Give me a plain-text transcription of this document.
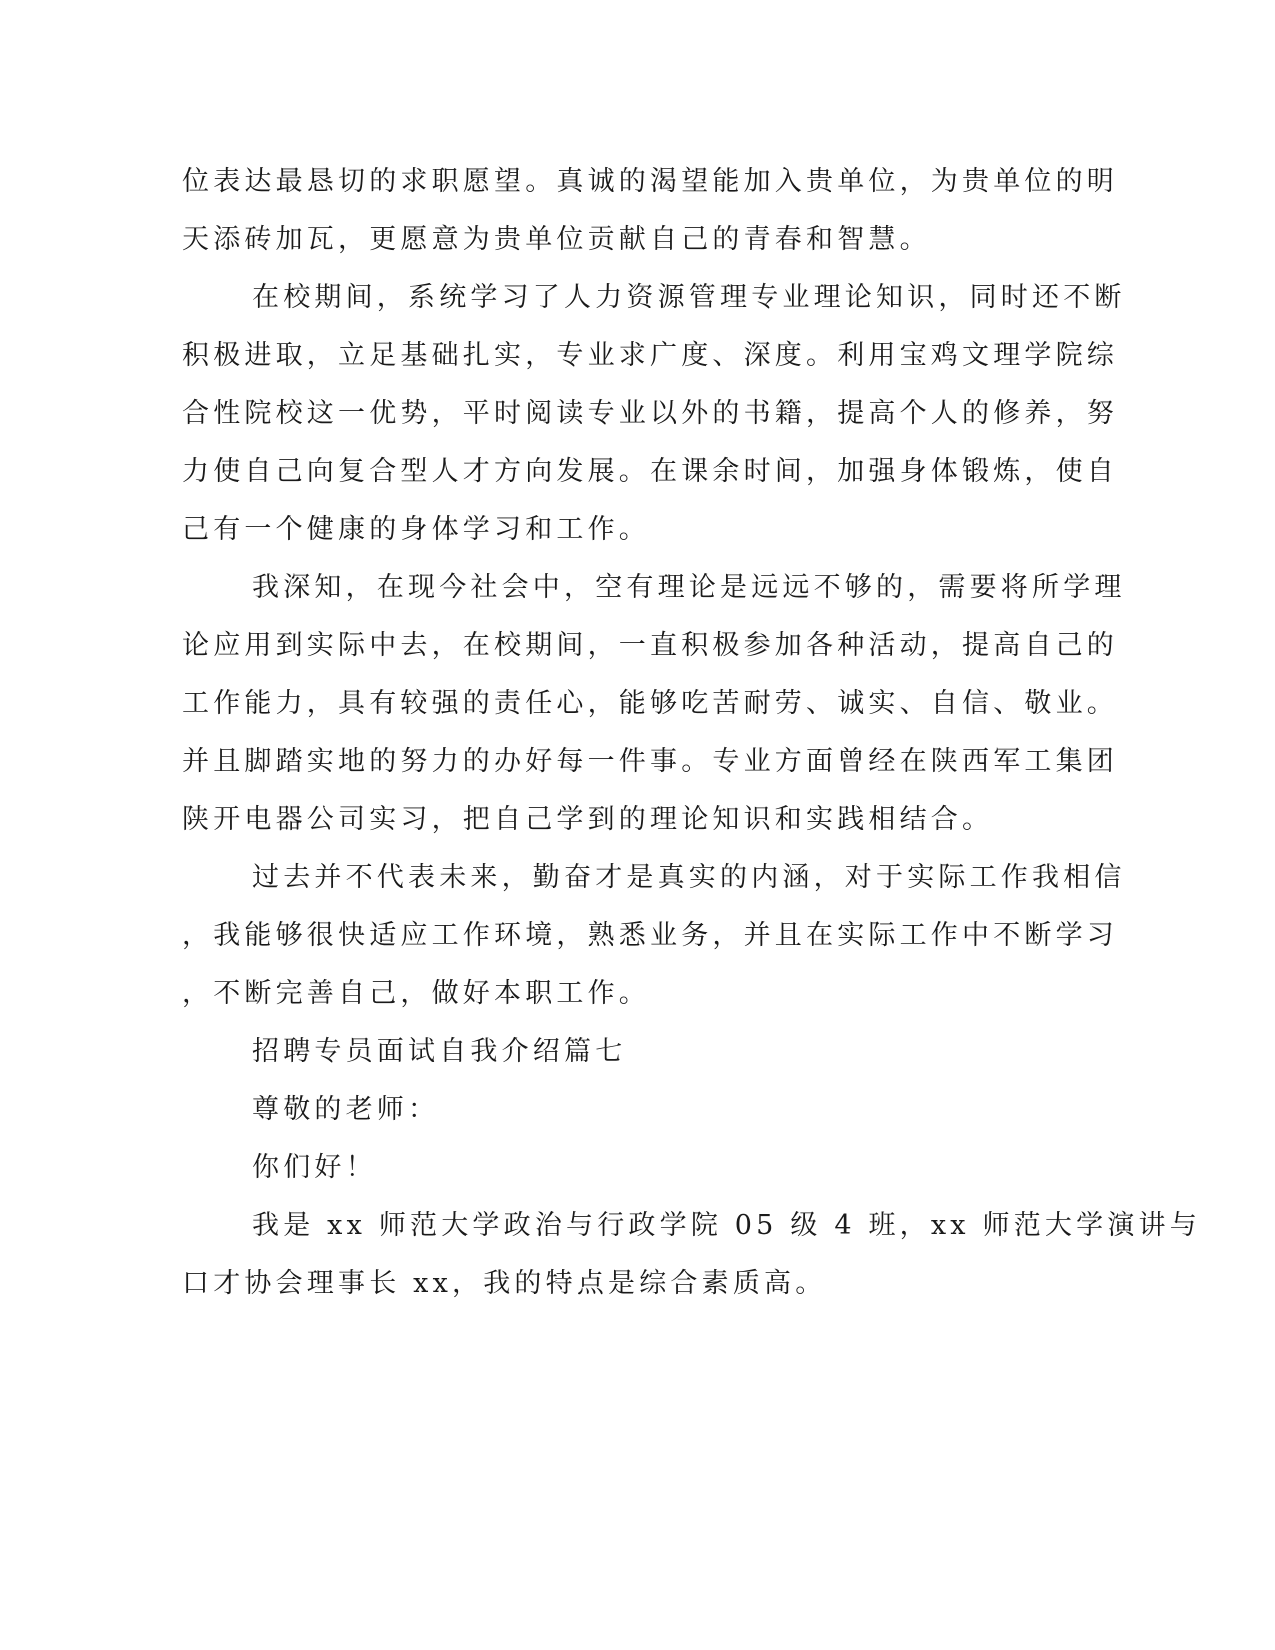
位表达最恳切的求职愿望。真诚的渴望能加入贵单位，为贵单位的明

天添砖加瓦，更愿意为贵单位贡献自己的青春和智慧。

在校期间，系统学习了人力资源管理专业理论知识，同时还不断

积极进取，立足基础扎实，专业求广度、深度。利用宝鸡文理学院综

合性院校这一优势，平时阅读专业以外的书籍，提高个人的修养，努

力使自己向复合型人才方向发展。在课余时间，加强身体锻炼，使自

己有一个健康的身体学习和工作。

我深知，在现今社会中，空有理论是远远不够的，需要将所学理

论应用到实际中去，在校期间，一直积极参加各种活动，提高自己的

工作能力，具有较强的责任心，能够吃苦耐劳、诚实、自信、敬业。

并且脚踏实地的努力的办好每一件事。专业方面曾经在陕西军工集团

陕开电器公司实习，把自己学到的理论知识和实践相结合。

过去并不代表未来，勤奋才是真实的内涵，对于实际工作我相信

，我能够很快适应工作环境，熟悉业务，并且在实际工作中不断学习

，不断完善自己，做好本职工作。

招聘专员面试自我介绍篇七

尊敬的老师：

你们好！

我是 xx 师范大学政治与行政学院 05 级 4 班，xx 师范大学演讲与

口才协会理事长 xx，我的特点是综合素质高。
